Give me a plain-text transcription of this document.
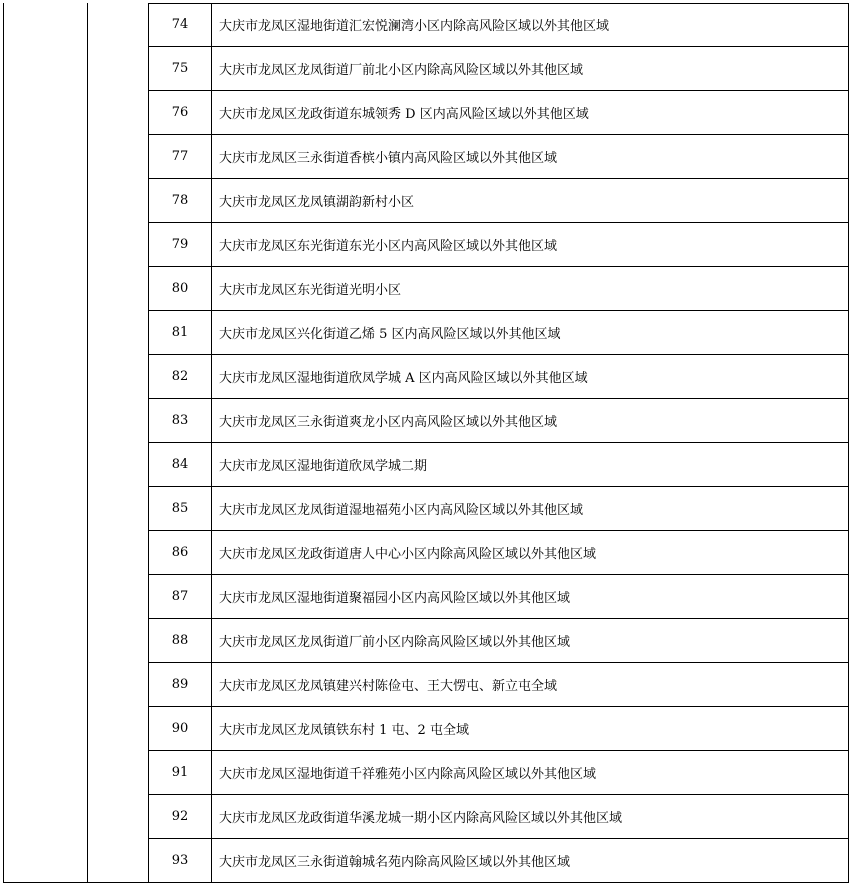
74	大庆市龙凤区湿地街道汇宏悦澜湾小区内除高风险区域以外其他区域
75	大庆市龙凤区龙凤街道厂前北小区内除高风险区域以外其他区域
76	大庆市龙凤区龙政街道东城领秀 D 区内高风险区域以外其他区域
77	大庆市龙凤区三永街道香槟小镇内高风险区域以外其他区域
78	大庆市龙凤区龙凤镇湖韵新村小区
79	大庆市龙凤区东光街道东光小区内高风险区域以外其他区域
80	大庆市龙凤区东光街道光明小区
81	大庆市龙凤区兴化街道乙烯 5 区内高风险区域以外其他区域
82	大庆市龙凤区湿地街道欣凤学城 A 区内高风险区域以外其他区域
83	大庆市龙凤区三永街道爽龙小区内高风险区域以外其他区域
84	大庆市龙凤区湿地街道欣凤学城二期
85	大庆市龙凤区龙凤街道湿地福苑小区内高风险区域以外其他区域
86	大庆市龙凤区龙政街道唐人中心小区内除高风险区域以外其他区域
87	大庆市龙凤区湿地街道聚福园小区内高风险区域以外其他区域
88	大庆市龙凤区龙凤街道厂前小区内除高风险区域以外其他区域
89	大庆市龙凤区龙凤镇建兴村陈俭屯、王大愣屯、新立屯全域
90	大庆市龙凤区龙凤镇铁东村 1 屯、2 屯全域
91	大庆市龙凤区湿地街道千祥雅苑小区内除高风险区域以外其他区域
92	大庆市龙凤区龙政街道华溪龙城一期小区内除高风险区域以外其他区域
93	大庆市龙凤区三永街道翰城名苑内除高风险区域以外其他区域
